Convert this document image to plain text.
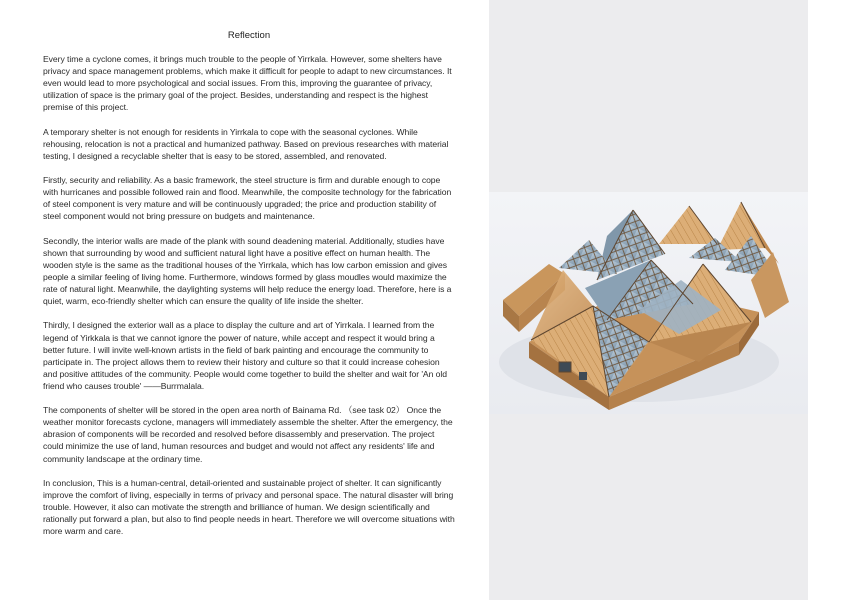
Reflection

Every time a cyclone comes, it brings much trouble to the people of Yirrkala. However, some shelters have privacy and space management problems, which make it difficult for people to adapt to new circumstances. It even would lead to more psychological and social issues. From this, improving the guarantee of privacy, utilization of space is the primary goal of the project. Besides, understanding and respect is the highest premise of this project.

A temporary shelter is not enough for residents in Yirrkala to cope with the seasonal cyclones. While rehousing, relocation is not a practical and humanized pathway. Based on previous researches with material testing, I designed a recyclable shelter that is easy to be stored, assembled, and renovated.

Firstly, security and reliability. As a basic framework, the steel structure is firm and durable enough to cope with hurricanes and possible followed rain and flood. Meanwhile, the composite technology for the fabrication of steel component is very mature and will be continuously upgraded; the price and production stability of steel component would not bring pressure on budgets and maintenance.

Secondly, the interior walls are made of the plank with sound deadening material. Additionally, studies have shown that surrounding by wood and sufficient natural light have a positive effect on human health. The wooden style is the same as the traditional houses of the Yirrkala, which has low carbon emission and gives people a similar feeling of living home. Furthermore, windows formed by glass moudles would maximize the rate of natural light. Meanwhile, the daylighting systems will help reduce the energy load. Therefore, here is a quiet, warm, eco-friendly shelter which can ensure the quality of life inside the shelter.

Thirdly, I designed the exterior wall as a place to display the culture and art of Yirrkala. I learned from the legend of Yirkkala is that we cannot ignore the power of nature, while accept and respect it would bring a better future. I will invite well-known artists in the field of bark painting and encourage the community to participate in. The project allows them to review their history and culture so that it could increase cohesion and positive attitudes of the community. People would come together to build the shelter and wait for 'An old friend who causes trouble' ——Burrmalala.

The components of shelter will be stored in the open area north of Bainama Rd. （see task 02） Once the weather monitor forecasts cyclone, managers will immediately assemble the shelter. After the emergency, the abrasion of components will be recorded and resolved before disassembly and preservation. The project could minimize the use of land, human resources and budget and would not affect any residents' life and community landscape at the ordinary time.

In conclusion, This is a human-central, detail-oriented and sustainable project of shelter. It can significantly improve the comfort of living, especially in terms of privacy and personal space. The natural disaster will bring trouble. However, it also can motivate the strength and brilliance of human. We design scientifically and rationally put forward a plan, but also to find people needs in heart. Therefore we will overcome situations with more warm and care.
